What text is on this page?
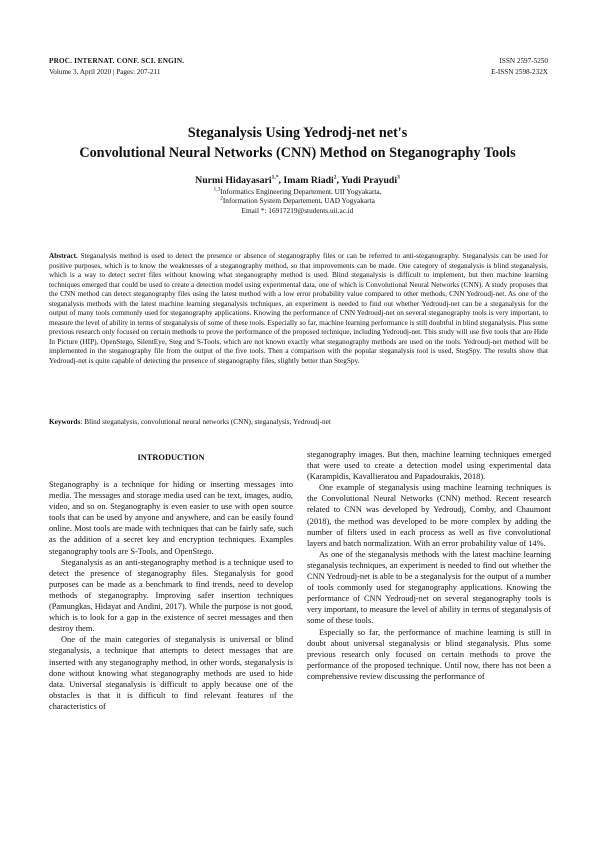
PROC. INTERNAT. CONF. SCI. ENGIN.
Volume 3, April 2020 | Pages: 207-211
ISSN 2597-5250
E-ISSN 2598-232X
Steganalysis Using Yedrodj-net net's
Convolutional Neural Networks (CNN) Method on Steganography Tools
Nurmi Hidayasari$^{1,*}$, Imam Riadi$^2$, Yudi Prayudi$^3$
$^{1,3}$Informatics Engineering Departement, UII Yogyakarta,
$^2$Information System Departement, UAD Yogyakarta
Email *: 16917219@students.uii.ac.id
Abstract. Steganalysis method is used to detect the presence or absence of steganography files or can be referred to anti-steganography. Steganalysis can be used for positive purposes, which is to know the weaknesses of a steganography method, so that improvements can be made. One category of steganalysis is blind steganalysis, which is a way to detect secret files without knowing what steganography method is used. Blind steganalysis is difficult to implement, but then machine learning techniques emerged that could be used to create a detection model using experimental data, one of which is Convolutional Neural Networks (CNN). A study proposes that the CNN method can detect steganography files using the latest method with a low error probability value compared to other methods, CNN Yedroudj-net. As one of the steganalysis methods with the latest machine learning steganalysis techniques, an experiment is needed to find out whether Yedroudj-net can be a steganalysis for the output of many tools commonly used for steganography applications. Knowing the performance of CNN Yedroudj-net on several steganography tools is very important, to measure the level of ability in terms of steganalysis of some of these tools. Especially so far, machine learning performance is still doubtful in blind steganalysis. Plus some previous research only focused on certain methods to prove the performance of the proposed technique, including Yedroudj-net. This study will use five tools that are Hide In Picture (HIP), OpenStego, SilentEye, Steg and S-Tools, which are not known exactly what steganography methods are used on the tools. Yedroudj-net method will be implemented in the steganography file from the output of the five tools. Then a comparison with the popular steganalysis tool is used, StegSpy. The results show that Yedroudj-net is quite capable of detecting the presence of steganography files, slightly better than StegSpy.
Keywords: Blind steganalysis, convolutional neural networks (CNN), steganalysis, Yedroudj-net
INTRODUCTION

Steganography is a technique for hiding or inserting messages into media. The messages and storage media used can be text, images, audio, video, and so on. Steganography is even easier to use with open source tools that can be used by anyone and anywhere, and can be easily found online. Most tools are made with techniques that can be fairly safe, such as the addition of a secret key and encryption techniques. Examples steganography tools are S-Tools, and OpenStego.

Steganalysis as an anti-steganography method is a technique used to detect the presence of steganography files. Steganalysis for good purposes can be made as a benchmark to find trends, need to develop methods of steganography. Improving safer insertion techniques (Pamungkas, Hidayat and Andini, 2017). While the purpose is not good, which is to look for a gap in the existence of secret messages and then destroy them.

One of the main categories of steganalysis is universal or blind steganalysis, a technique that attempts to detect messages that are inserted with any steganography method, in other words, steganalysis is done without knowing what steganography methods are used to hide data. Universal steganalysis is difficult to apply because one of the obstacles is that it is difficult to find relevant features of the characteristics of

steganography images. But then, machine learning techniques emerged that were used to create a detection model using experimental data (Karampidis, Kavallieratou and Papadourakis, 2018).

One example of steganalysis using machine learning techniques is the Convolutional Neural Networks (CNN) method. Recent research related to CNN was developed by Yedroudj, Comby, and Chaumont (2018), the method was developed to be more complex by adding the number of filters used in each process as well as five convolutional layers and batch normalization. With an error probability value of 14%.

As one of the steganalysis methods with the latest machine learning steganalysis techniques, an experiment is needed to find out whether the CNN Yedroudj-net is able to be a steganalysis for the output of a number of tools commonly used for steganography applications. Knowing the performance of CNN Yedroudj-net on several steganography tools is very important, to measure the level of ability in terms of steganalysis of some of these tools.

Especially so far, the performance of machine learning is still in doubt about universal steganalysis or blind steganalysis. Plus some previous research only focused on certain methods to prove the performance of the proposed technique. Until now, there has not been a comprehensive review discussing the performance of
